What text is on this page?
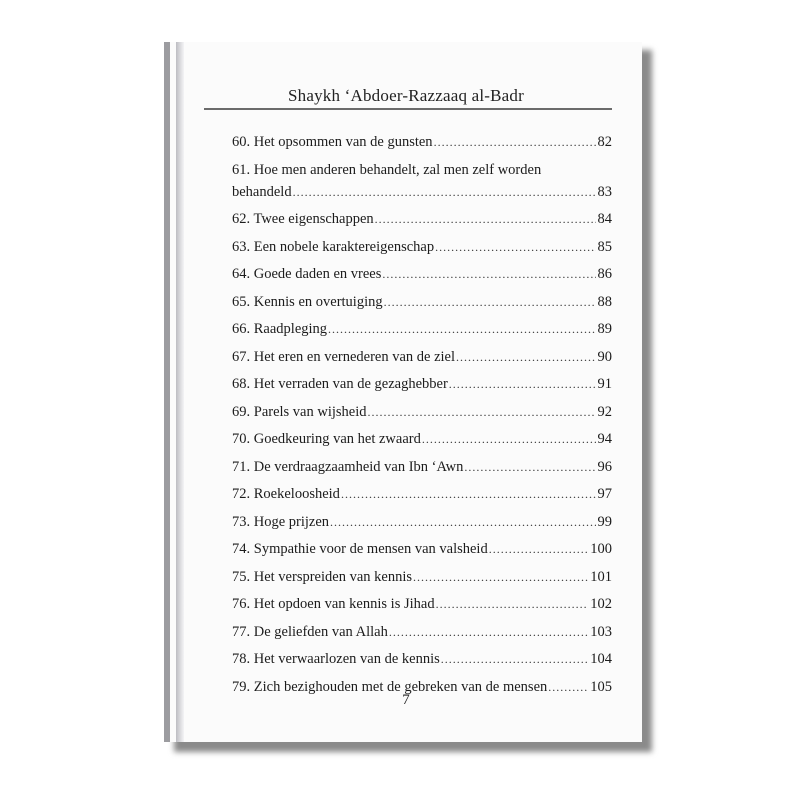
Shaykh ‘Abdoer-Razzaaq al-Badr
60. Het opsommen van de gunsten .....	82
61. Hoe men anderen behandelt, zal men zelf worden
behandeld .....	83
62. Twee eigenschappen .....	84
63. Een nobele karaktereigenschap .....	85
64. Goede daden en vrees .....	86
65. Kennis en overtuiging .....	88
66. Raadpleging .....	89
67. Het eren en vernederen van de ziel .....	90
68. Het verraden van de gezaghebber .....	91
69. Parels van wijsheid .....	92
70. Goedkeuring van het zwaard .....	94
71. De verdraagzaamheid van Ibn ‘Awn .....	96
72. Roekeloosheid .....	97
73. Hoge prijzen .....	99
74. Sympathie voor de mensen van valsheid .....	100
75. Het verspreiden van kennis .....	101
76. Het opdoen van kennis is Jihad .....	102
77. De geliefden van Allah .....	103
78. Het verwaarlozen van de kennis .....	104
79. Zich bezighouden met de gebreken van de mensen .....	105
7
